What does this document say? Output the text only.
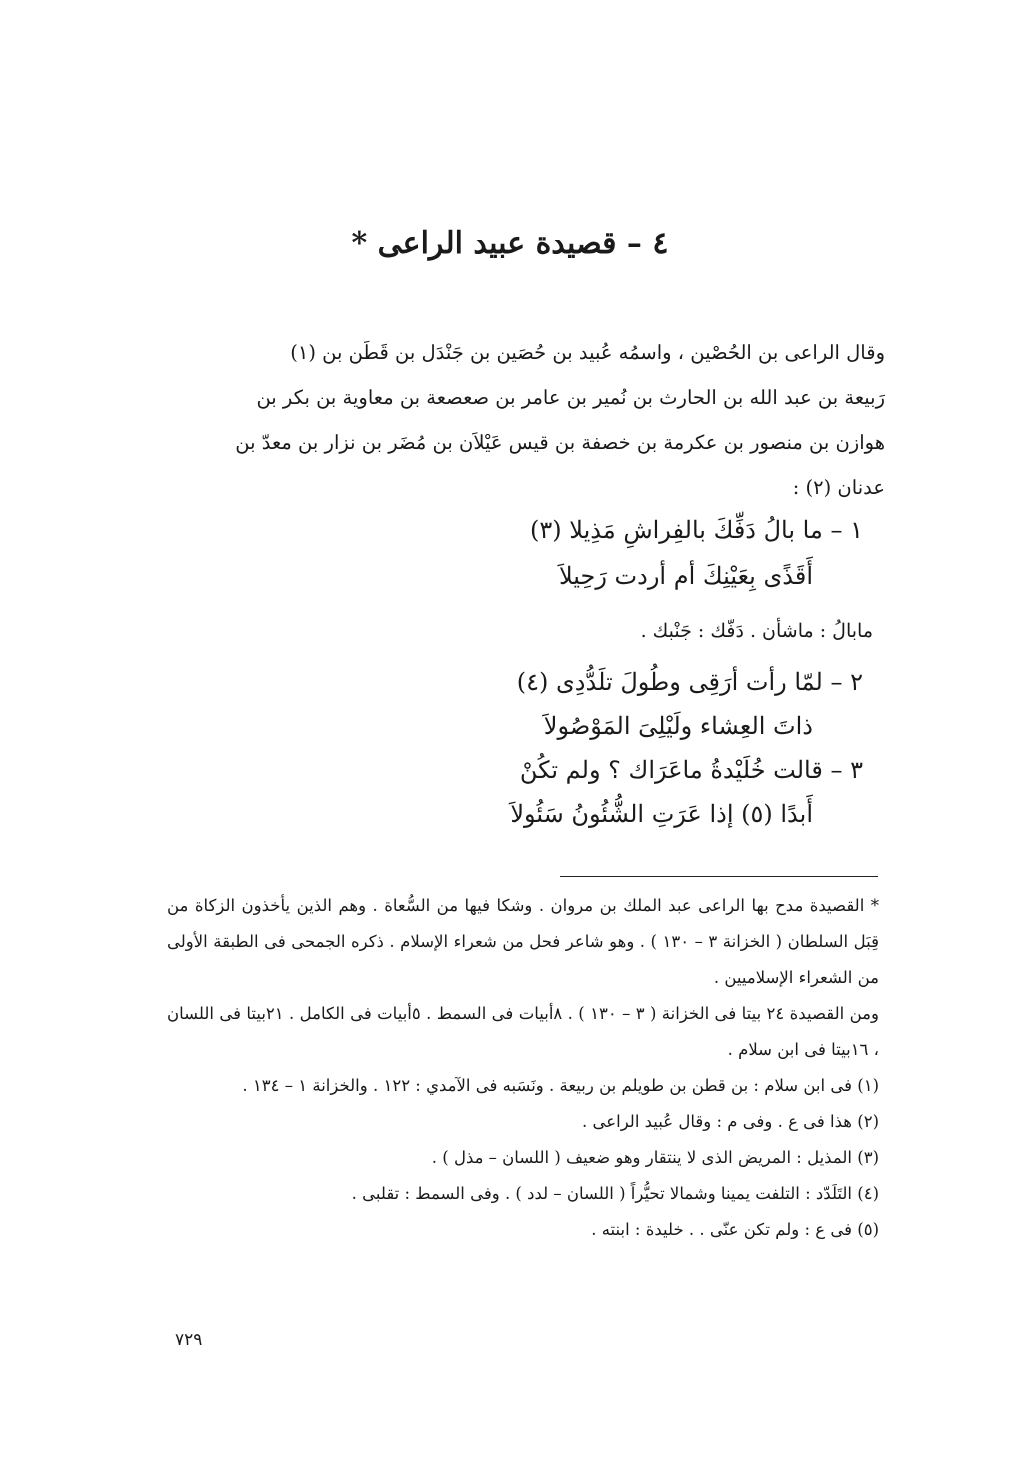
٤ – قصيدة عبيد الراعى *

وقال الراعى بن الحُصْين ، واسمُه عُبيد بن حُصَين بن جَنْدَل بن قَطَن بن (١)

رَبيعة بن عبد الله بن الحارث بن نُمير بن عامر بن صعصعة بن معاوية بن بكر بن

هوازن بن منصور بن عكرمة بن خصفة بن قيس عَيْلاَن بن مُضَر بن نزار بن معدّ بن

عدنان (٢) :

١ – ما بالُ دَفِّكَ بالفِراشِ مَذِيلا (٣)
أَقَذًى بِعَيْنِكَ أم أردت رَحِيلاَ
مابالُ : ماشأن . دَفّك : جَنْبك .
٢ – لمّا رأت أرَقِى وطُولَ تلَدُّدِى (٤)
ذاتَ العِشاء ولَيْلِىَ المَوْصُولاَ
٣ – قالت خُلَيْدةُ ماعَرَاك ؟ ولم تكُنْ
أَبدًا (٥) إذا عَرَتِ الشُّئُونُ سَئُولاَ

* القصيدة مدح بها الراعى عبد الملك بن مروان . وشكا فيها من السُّعاة . وهم الذين يأخذون الزكاة من قِبَل السلطان ( الخزانة ٣ – ١٣٠ ) . وهو شاعر فحل من شعراء الإسلام . ذكره الجمحى فى الطبقة الأولى من الشعراء الإسلاميين .

ومن القصيدة ٢٤ بيتا فى الخزانة ( ٣ – ١٣٠ ) . ٨أبيات فى السمط . ٥أبيات فى الكامل . ٢١بيتا فى اللسان ، ١٦بيتا فى ابن سلام .

(١) فى ابن سلام : بن قطن بن طويلم بن ربيعة . ونَسَبه فى الآمدي : ١٢٢ . والخزانة ١ – ١٣٤ .

(٢) هذا فى ع . وفى م : وقال عُبيد الراعى .

(٣) المذيل : المريض الذى لا ينتقار وهو ضعيف ( اللسان – مذل ) .

(٤) التَلَدّد : التلفت يمينا وشمالا تحيُّراً ( اللسان – لدد ) . وفى السمط : تقلبى .

(٥) فى ع : ولم تكن عنّى . . خليدة : ابنته .

٧٢٩
